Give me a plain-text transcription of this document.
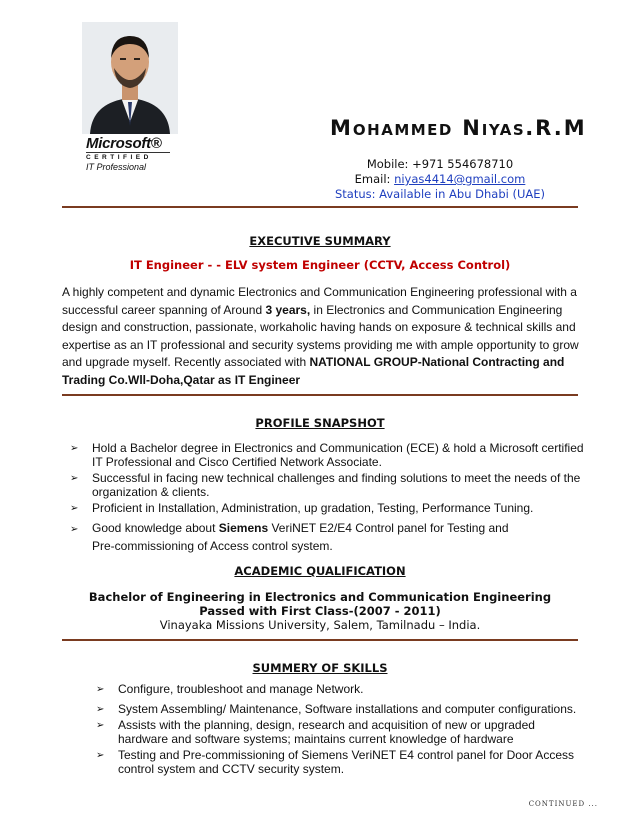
Microsoft®
CERTIFIED
IT Professional
MOHAMMED NIYAS.R.M
Mobile: +971 554678710
Email: niyas4414@gmail.com
Status: Available in Abu Dhabi (UAE)
EXECUTIVE SUMMARY
IT Engineer - - ELV system Engineer (CCTV, Access Control)
A highly competent and dynamic Electronics and Communication Engineering professional with a successful career spanning of Around 3 years, in Electronics and Communication Engineering design and construction, passionate, workaholic having hands on exposure & technical skills and expertise as an IT professional and security systems providing me with ample opportunity to grow and upgrade myself. Recently associated with NATIONAL GROUP-National Contracting and Trading Co.Wll-Doha,Qatar as IT Engineer
PROFILE SNAPSHOT
➢ Hold a Bachelor degree in Electronics and Communication (ECE) & hold a Microsoft certified IT Professional and Cisco Certified Network Associate.
➢ Successful in facing new technical challenges and finding solutions to meet the needs of the organization & clients.
➢ Proficient in Installation, Administration, up gradation, Testing, Performance Tuning.
➢ Good knowledge about Siemens VeriNET E2/E4 Control panel for Testing and Pre-commissioning of Access control system.
ACADEMIC QUALIFICATION
Bachelor of Engineering in Electronics and Communication Engineering
Passed with First Class-(2007 - 2011)
Vinayaka Missions University, Salem, Tamilnadu – India.
SUMMERY OF SKILLS
➢ Configure, troubleshoot and manage Network.
➢ System Assembling/ Maintenance, Software installations and computer configurations.
➢ Assists with the planning, design, research and acquisition of new or upgraded hardware and software systems; maintains current knowledge of hardware
➢ Testing and Pre-commissioning of Siemens VeriNET E4 control panel for Door Access control system and CCTV security system.
CONTINUED ...
